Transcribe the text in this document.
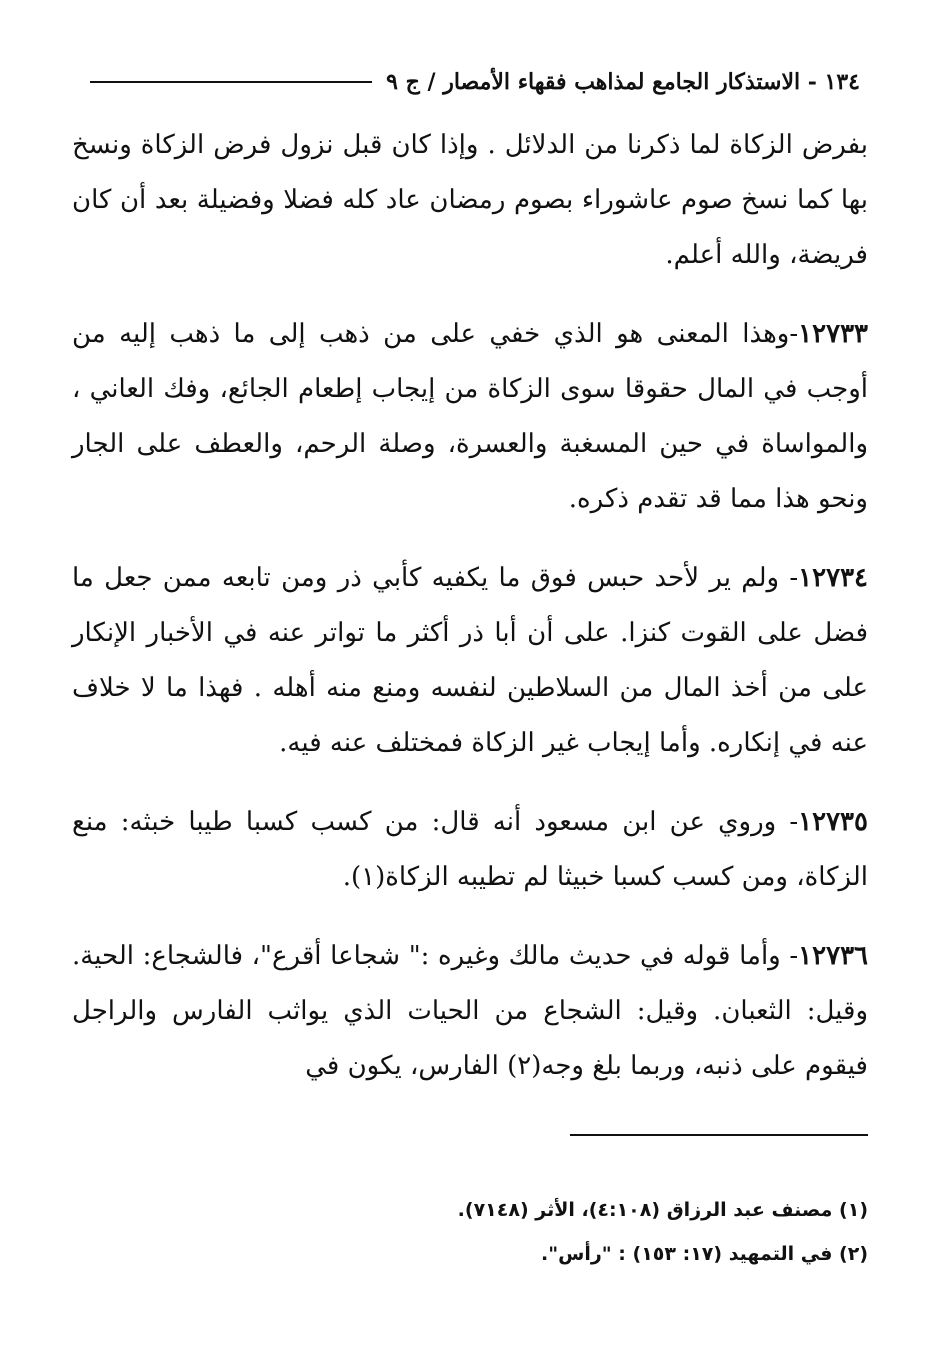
١٣٤ - الاستذكار الجامع لمذاهب فقهاء الأمصار / ج ٩

بفرض الزكاة لما ذكرنا من الدلائل . وإذا كان قبل نزول فرض الزكاة ونسخ بها كما نسخ صوم عاشوراء بصوم رمضان عاد كله فضلا وفضيلة بعد أن كان فريضة، والله أعلم.

١٢٧٣٣-وهذا المعنى هو الذي خفي على من ذهب إلى ما ذهب إليه من أوجب في المال حقوقا سوى الزكاة من إيجاب إطعام الجائع، وفك العاني ، والمواساة في حين المسغبة والعسرة، وصلة الرحم، والعطف على الجار ونحو هذا مما قد تقدم ذكره.

١٢٧٣٤- ولم ير لأحد حبس فوق ما يكفيه كأبي ذر ومن تابعه ممن جعل ما فضل على القوت كنزا. على أن أبا ذر أكثر ما تواتر عنه في الأخبار الإنكار على من أخذ المال من السلاطين لنفسه ومنع منه أهله . فهذا ما لا خلاف عنه في إنكاره. وأما إيجاب غير الزكاة فمختلف عنه فيه.

١٢٧٣٥- وروي عن ابن مسعود أنه قال: من كسب كسبا طيبا خبثه: منع الزكاة، ومن كسب كسبا خبيثا لم تطيبه الزكاة(١).

١٢٧٣٦- وأما قوله في حديث مالك وغيره :" شجاعا أقرع"، فالشجاع: الحية. وقيل: الثعبان. وقيل: الشجاع من الحيات الذي يواثب الفارس والراجل فيقوم على ذنبه، وربما بلغ وجه(٢) الفارس، يكون في

(١) مصنف عبد الرزاق (٤:١٠٨)، الأثر (٧١٤٨).

(٢) في التمهيد (١٧: ١٥٣) : "رأس".
